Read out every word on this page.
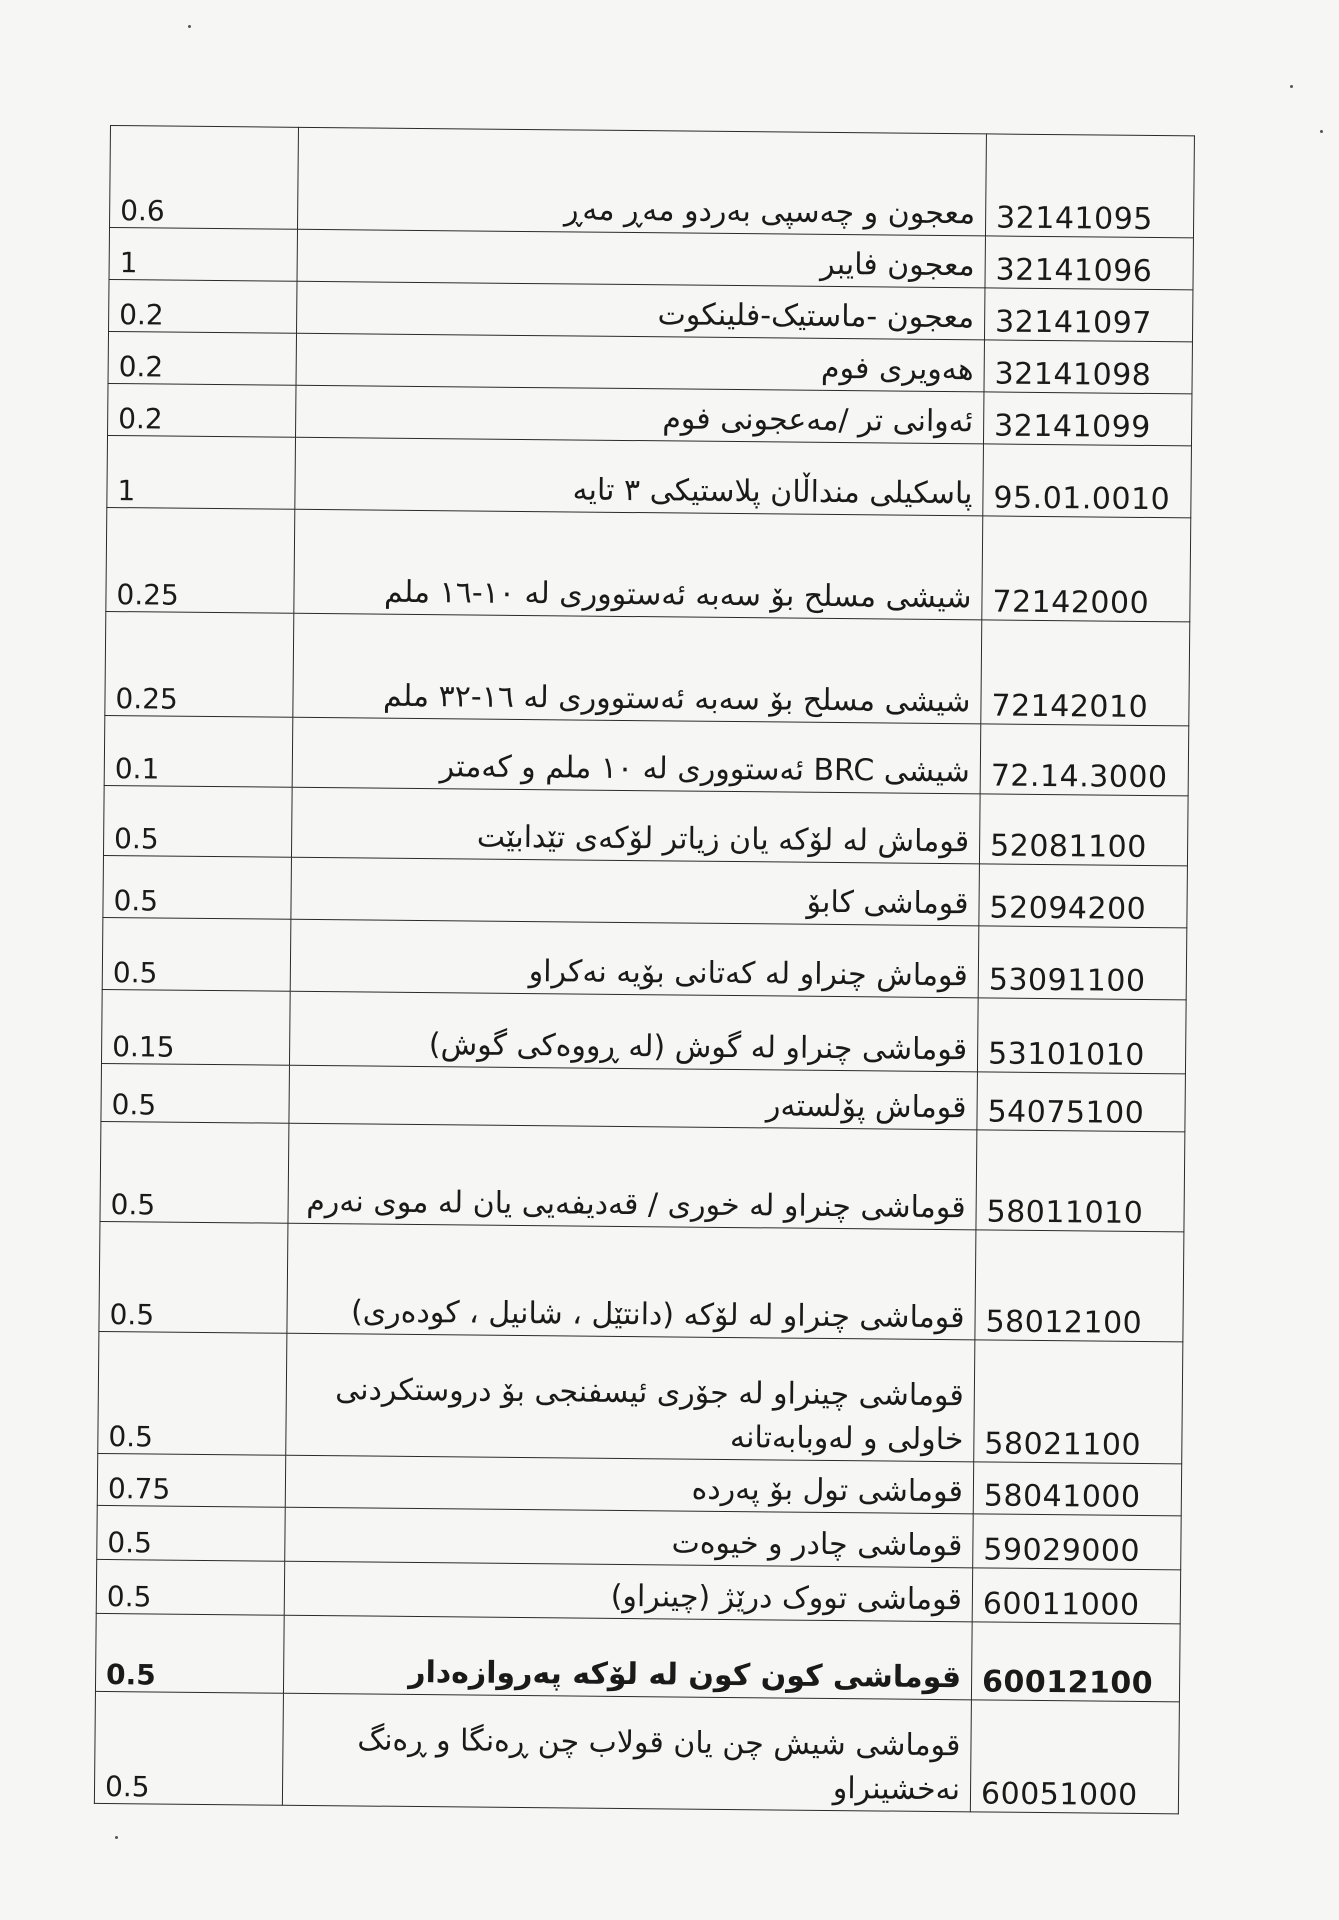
0.6	معجون و چەسپی بەردو مەڕ مەڕ	32141095
1	معجون فایبر	32141096
0.2	معجون -ماستیک-فلینکوت	32141097
0.2	هەویری فوم	32141098
0.2	ئەوانی تر /مەعجونی فوم	32141099
1	پاسکیلی منداڵان پلاستیکی ٣ تایە	95.01.0010
0.25	شیشی مسلح بۆ سەبە ئەستووری لە ١٠-١٦ ملم	72142000
0.25	شیشی مسلح بۆ سەبە ئەستووری لە ١٦-٣٢ ملم	72142010
0.1	شیشی BRC ئەستووری لە ١٠ ملم و کەمتر	72.14.3000
0.5	قوماش لە لۆکە یان زیاتر لۆکەی تێدابێت	52081100
0.5	قوماشی کابۆ	52094200
0.5	قوماش چنراو لە کەتانی بۆیە نەکراو	53091100
0.15	قوماشی چنراو لە گوش (لە ڕووەکی گوش)	53101010
0.5	قوماش پۆلستەر	54075100
0.5	قوماشی چنراو لە خوری / قەدیفەیی یان لە موی نەرم	58011010
0.5	قوماشی چنراو لە لۆکە (دانتێل ، شانیل ، کودەری)	58012100
0.5	قوماشی چینراو لە جۆری ئیسفنجی بۆ دروستکردنی خاولی و لەوبابەتانە	58021100
0.75	قوماشی تول بۆ پەردە	58041000
0.5	قوماشی چادر و خیوەت	59029000
0.5	قوماشی تووک درێژ (چینراو)	60011000
0.5	قوماشی کون کون لە لۆکە پەروازەدار	60012100
0.5	قوماشی شیش چن یان قولاب چن ڕەنگا و ڕەنگ نەخشینراو	60051000
